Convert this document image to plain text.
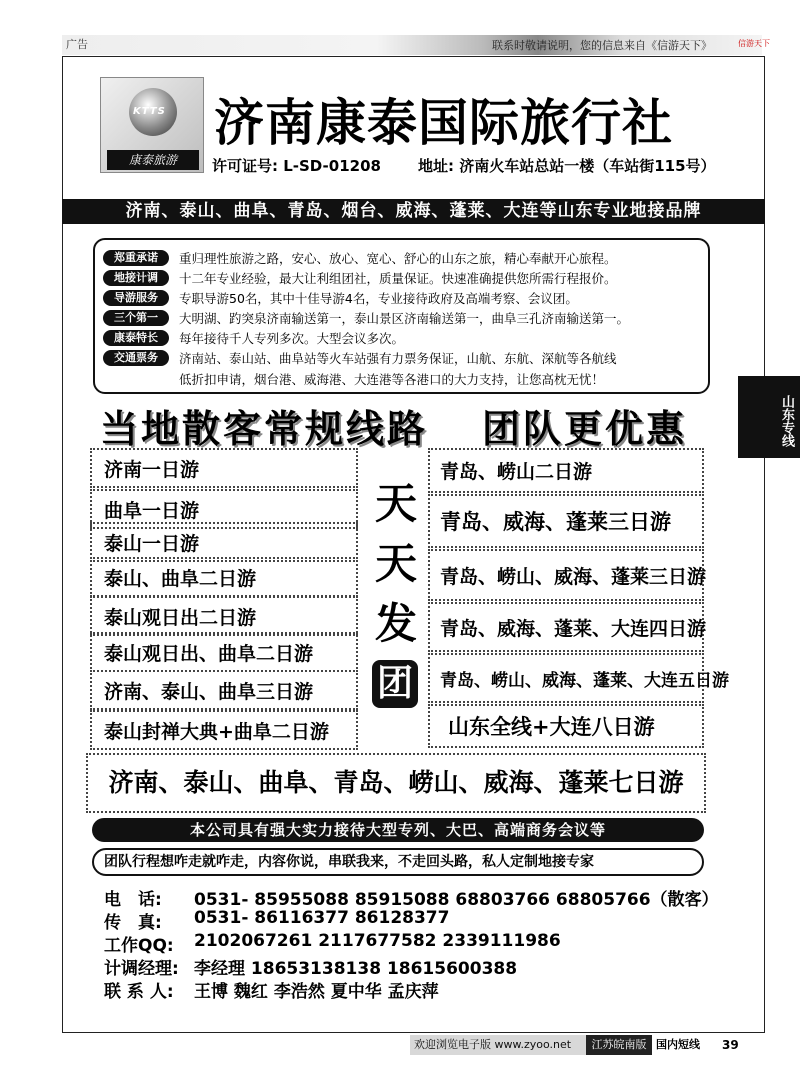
广告	联系时敬请说明，您的信息来自《信游天下》	信游天下
KTTS
康泰旅游
济南康泰国际旅行社
许可证号: L-SD-01208 地址: 济南火车站总站一楼（车站街115号）
济南、泰山、曲阜、青岛、烟台、威海、蓬莱、大连等山东专业地接品牌
郑重承诺	重归理性旅游之路，安心、放心、宽心、舒心的山东之旅，精心奉献开心旅程。
地接计调	十二年专业经验，最大让利组团社，质量保证。快速准确提供您所需行程报价。
导游服务	专职导游50名，其中十佳导游4名，专业接待政府及高端考察、会议团。
三个第一	大明湖、趵突泉济南输送第一，泰山景区济南输送第一，曲阜三孔济南输送第一。
康泰特长	每年接待千人专列多次。大型会议多次。
交通票务	济南站、泰山站、曲阜站等火车站强有力票务保证，山航、东航、深航等各航线
低折扣申请，烟台港、威海港、大连港等各港口的大力支持，让您高枕无忧！
当地散客常规线路 团队更优惠	山东专线
济南一日游
曲阜一日游
泰山一日游
泰山、曲阜二日游
泰山观日出二日游
泰山观日出、曲阜二日游
济南、泰山、曲阜三日游
泰山封禅大典+曲阜二日游
天
天
发
团
青岛、崂山二日游
青岛、威海、蓬莱三日游
青岛、崂山、威海、蓬莱三日游
青岛、威海、蓬莱、大连四日游
青岛、崂山、威海、蓬莱、大连五日游
山东全线+大连八日游
济南、泰山、曲阜、青岛、崂山、威海、蓬莱七日游
本公司具有强大实力接待大型专列、大巴、高端商务会议等
团队行程想咋走就咋走，内容你说，串联我来，不走回头路，私人定制地接专家
电　话:	0531- 85955088 85915088 68803766 68805766（散客）
传　真:	0531- 86116377 86128377
工作QQ:	2102067261 2117677582 2339111986
计调经理: 李经理 18653138138 18615600388
联 系 人:	王博 魏红 李浩然 夏中华 孟庆萍
欢迎浏览电子版 www.zyoo.net	江苏皖南版 国内短线 39
